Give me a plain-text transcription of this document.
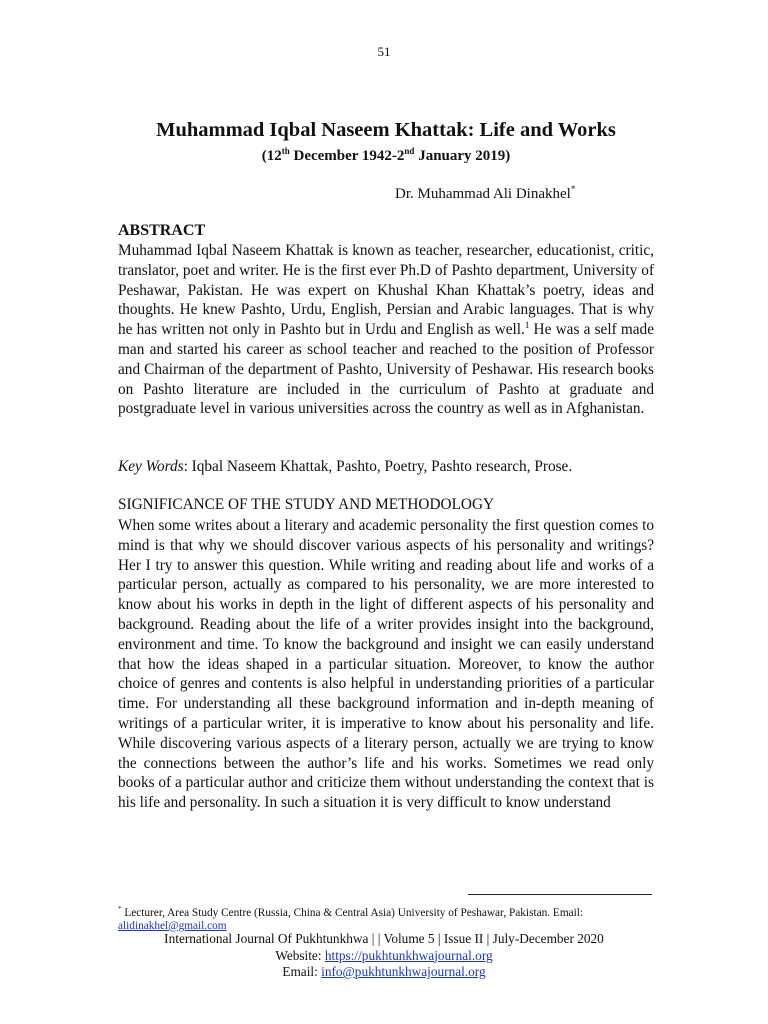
51
Muhammad Iqbal Naseem Khattak: Life and Works
(12th December 1942-2nd January 2019)
Dr. Muhammad Ali Dinakhel*
ABSTRACT
Muhammad Iqbal Naseem Khattak is known as teacher, researcher, educationist, critic, translator, poet and writer. He is the first ever Ph.D of Pashto department, University of Peshawar, Pakistan. He was expert on Khushal Khan Khattak’s poetry, ideas and thoughts. He knew Pashto, Urdu, English, Persian and Arabic languages. That is why he has written not only in Pashto but in Urdu and English as well.$^1$ He was a self made man and started his career as school teacher and reached to the position of Professor and Chairman of the department of Pashto, University of Peshawar. His research books on Pashto literature are included in the curriculum of Pashto at graduate and postgraduate level in various universities across the country as well as in Afghanistan.
Key Words: Iqbal Naseem Khattak, Pashto, Poetry, Pashto research, Prose.
SIGNIFICANCE OF THE STUDY AND METHODOLOGY
When some writes about a literary and academic personality the first question comes to mind is that why we should discover various aspects of his personality and writings? Her I try to answer this question. While writing and reading about life and works of a particular person, actually as compared to his personality, we are more interested to know about his works in depth in the light of different aspects of his personality and background. Reading about the life of a writer provides insight into the background, environment and time. To know the background and insight we can easily understand that how the ideas shaped in a particular situation. Moreover, to know the author choice of genres and contents is also helpful in understanding priorities of a particular time. For understanding all these background information and in-depth meaning of writings of a particular writer, it is imperative to know about his personality and life. While discovering various aspects of a literary person, actually we are trying to know the connections between the author’s life and his works. Sometimes we read only books of a particular author and criticize them without understanding the context that is his life and personality. In such a situation it is very difficult to know understand
* Lecturer, Area Study Centre (Russia, China & Central Asia) University of Peshawar, Pakistan. Email:
alidinakhel@gmail.com
International Journal Of Pukhtunkhwa | | Volume 5 | Issue II | July-December 2020
Website: https://pukhtunkhwajournal.org
Email: info@pukhtunkhwajournal.org
